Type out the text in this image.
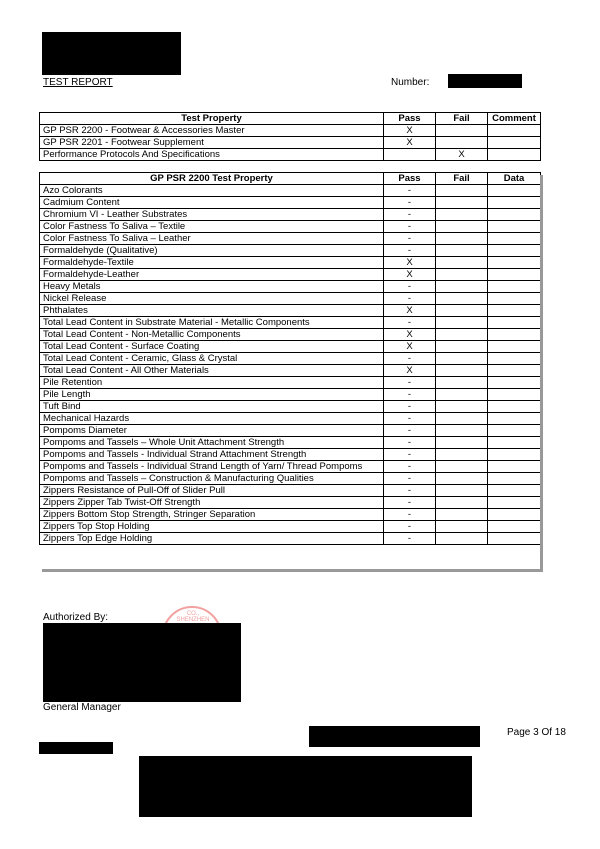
TEST REPORT	Number:
Test Property	Pass	Fail	Comment
GP PSR 2200 - Footwear & Accessories Master	X		
GP PSR 2201 - Footwear Supplement	X		
Performance Protocols And Specifications		X	
GP PSR 2200 Test Property	Pass	Fail	Data
Azo Colorants	-		
Cadmium Content	-		
Chromium VI - Leather Substrates	-		
Color Fastness To Saliva – Textile	-		
Color Fastness To Saliva – Leather	-		
Formaldehyde (Qualitative)	-		
Formaldehyde-Textile	X		
Formaldehyde-Leather	X		
Heavy Metals	-		
Nickel Release	-		
Phthalates	X		
Total Lead Content in Substrate Material - Metallic Components	-		
Total Lead Content - Non-Metallic Components	X		
Total Lead Content - Surface Coating	X		
Total Lead Content - Ceramic, Glass & Crystal	-		
Total Lead Content - All Other Materials	X		
Pile Retention	-		
Pile Length	-		
Tuft Bind	-		
Mechanical Hazards	-		
Pompoms Diameter	-		
Pompoms and Tassels – Whole Unit Attachment Strength	-		
Pompoms and Tassels - Individual Strand Attachment Strength	-		
Pompoms and Tassels - Individual Strand Length of Yarn/ Thread Pompoms	-		
Pompoms and Tassels – Construction & Manufacturing Qualities	-		
Zippers Resistance of Pull-Off of Slider Pull	-		
Zippers Zipper Tab Twist-Off Strength	-		
Zippers Bottom Stop Strength, Stringer Separation	-		
Zippers Top Stop Holding	-		
Zippers Top Edge Holding	-		
Authorized By:	CO., SHENZHEN
General Manager
Page 3 Of 18
